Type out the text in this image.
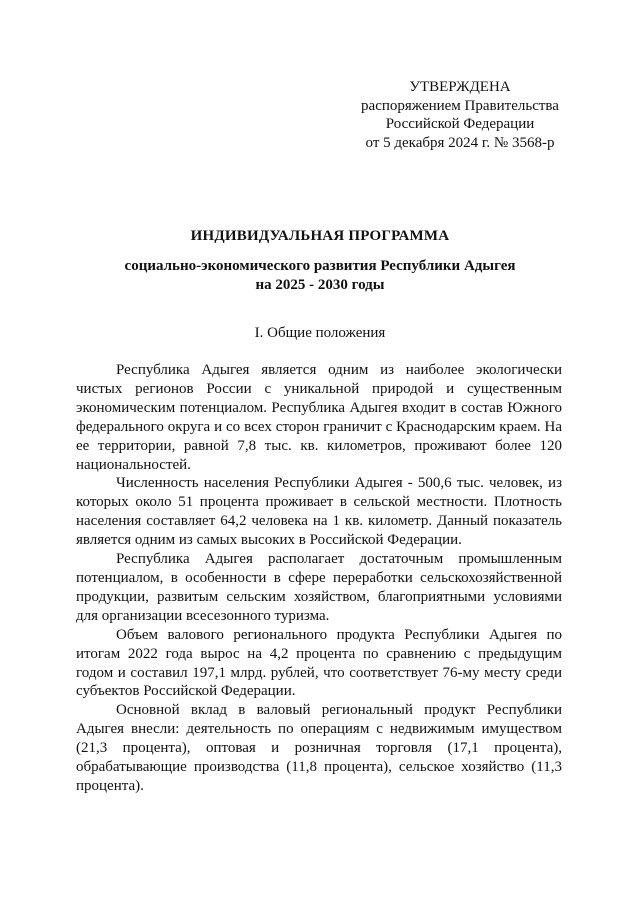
УТВЕРЖДЕНА
распоряжением Правительства
Российской Федерации
от 5 декабря 2024 г. № 3568-р
ИНДИВИДУАЛЬНАЯ ПРОГРАММА
социально-экономического развития Республики Адыгея
на 2025 - 2030 годы
I. Общие положения

Республика Адыгея является одним из наиболее экологически чистых регионов России с уникальной природой и существенным экономическим потенциалом. Республика Адыгея входит в состав Южного федерального округа и со всех сторон граничит с Краснодарским краем. На ее территории, равной 7,8 тыс. кв. километров, проживают более 120 национальностей.

Численность населения Республики Адыгея - 500,6 тыс. человек, из которых около 51 процента проживает в сельской местности. Плотность населения составляет 64,2 человека на 1 кв. километр. Данный показатель является одним из самых высоких в Российской Федерации.

Республика Адыгея располагает достаточным промышленным потенциалом, в особенности в сфере переработки сельскохозяйственной продукции, развитым сельским хозяйством, благоприятными условиями для организации всесезонного туризма.

Объем валового регионального продукта Республики Адыгея по итогам 2022 года вырос на 4,2 процента по сравнению с предыдущим годом и составил 197,1 млрд. рублей, что соответствует 76-му месту среди субъектов Российской Федерации.

Основной вклад в валовый региональный продукт Республики Адыгея внесли: деятельность по операциям с недвижимым имуществом (21,3 процента), оптовая и розничная торговля (17,1 процента), обрабатывающие производства (11,8 процента), сельское хозяйство (11,3 процента).
